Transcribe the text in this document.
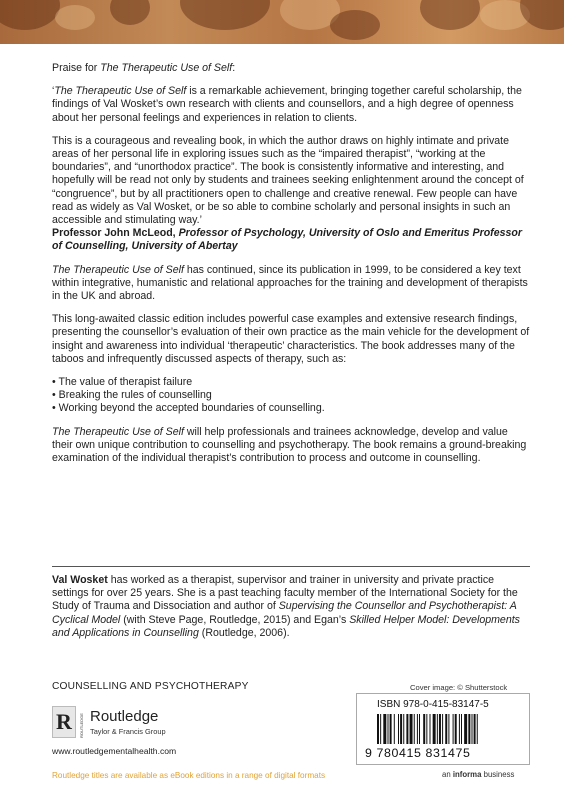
Praise for The Therapeutic Use of Self:

‘The Therapeutic Use of Self is a remarkable achievement, bringing together careful scholarship, the findings of Val Wosket’s own research with clients and counsellors, and a high degree of openness about her personal feelings and experiences in relation to clients.

This is a courageous and revealing book, in which the author draws on highly intimate and private areas of her personal life in exploring issues such as the “impaired therapist”, “working at the boundaries”, and “unorthodox practice”. The book is consistently informative and interesting, and hopefully will be read not only by students and trainees seeking enlightenment around the concept of “congruence”, but by all practitioners open to challenge and creative renewal. Few people can have read as widely as Val Wosket, or be so able to combine scholarly and personal insights in such an accessible and stimulating way.’

Professor John McLeod, Professor of Psychology, University of Oslo and Emeritus Professor of Counselling, University of Abertay

The Therapeutic Use of Self has continued, since its publication in 1999, to be considered a key text within integrative, humanistic and relational approaches for the training and development of therapists in the UK and abroad.

This long-awaited classic edition includes powerful case examples and extensive research findings, presenting the counsellor’s evaluation of their own practice as the main vehicle for the development of insight and awareness into individual ‘therapeutic’ characteristics. The book addresses many of the taboos and infrequently discussed aspects of therapy, such as:

• The value of therapist failure
• Breaking the rules of counselling
• Working beyond the accepted boundaries of counselling.

The Therapeutic Use of Self will help professionals and trainees acknowledge, develop and value their own unique contribution to counselling and psychotherapy. The book remains a ground-breaking examination of the individual therapist’s contribution to process and outcome in counselling.

Val Wosket has worked as a therapist, supervisor and trainer in university and private practice settings for over 25 years. She is a past teaching faculty member of the International Society for the Study of Trauma and Dissociation and author of Supervising the Counsellor and Psychotherapist: A Cyclical Model (with Steve Page, Routledge, 2015) and Egan’s Skilled Helper Model: Developments and Applications in Counselling (Routledge, 2006).

COUNSELLING AND PSYCHOTHERAPY
R ROUTLEDGE Routledge
Taylor & Francis Group
www.routledgementalhealth.com
Routledge titles are available as eBook editions in a range of digital formats
Cover image: © Shutterstock
ISBN 978-0-415-83147-5
9 780415 831475
an informa business
